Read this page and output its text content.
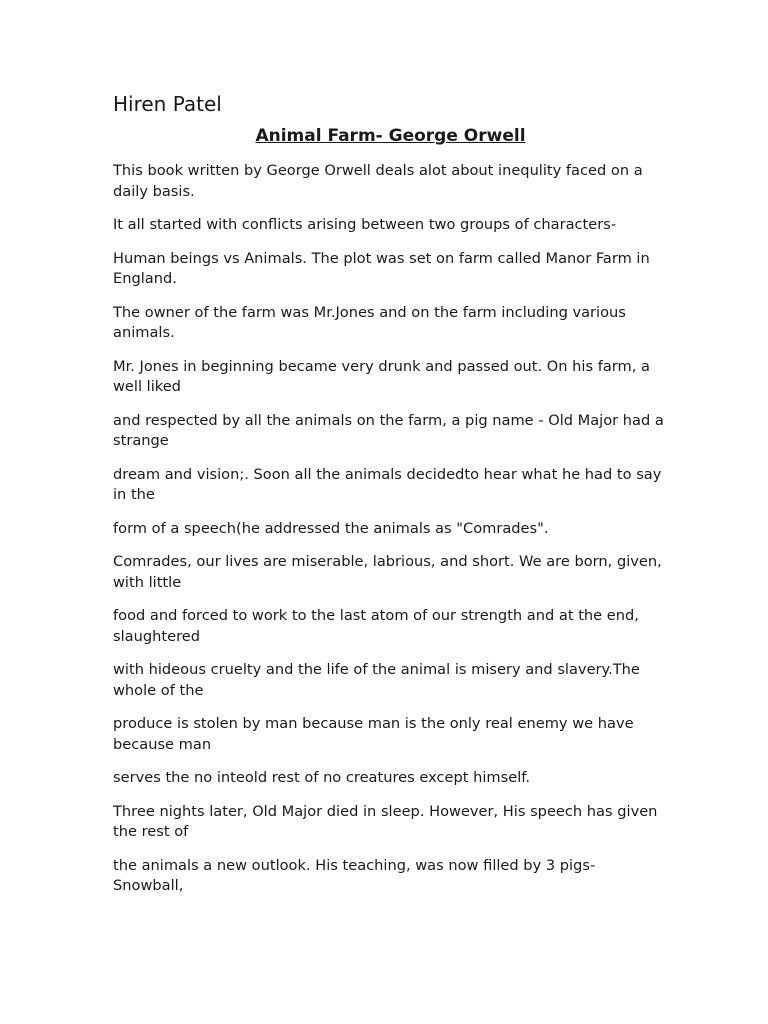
Hiren Patel
Animal Farm- George Orwell

This book written by George Orwell deals alot about inequlity faced on a daily basis.

It all started with conflicts arising between two groups of characters-

Human beings vs Animals. The plot was set on farm called Manor Farm in England.

The owner of the farm was Mr.Jones and on the farm including various animals.

Mr. Jones in beginning became very drunk and passed out. On his farm, a well liked

and respected by all the animals on the farm, a pig name - Old Major had a strange

dream and vision;. Soon all the animals decidedto hear what he had to say in the

form of a speech(he addressed the animals as "Comrades".

Comrades, our lives are miserable, labrious, and short. We are born, given, with little

food and forced to work to the last atom of our strength and at the end, slaughtered

with hideous cruelty and the life of the animal is misery and slavery.The whole of the

produce is stolen by man because man is the only real enemy we have because man

serves the no inteold rest of no creatures except himself.

Three nights later, Old Major died in sleep. However, His speech has given the rest of

the animals a new outlook. His teaching, was now filled by 3 pigs- Snowball,
